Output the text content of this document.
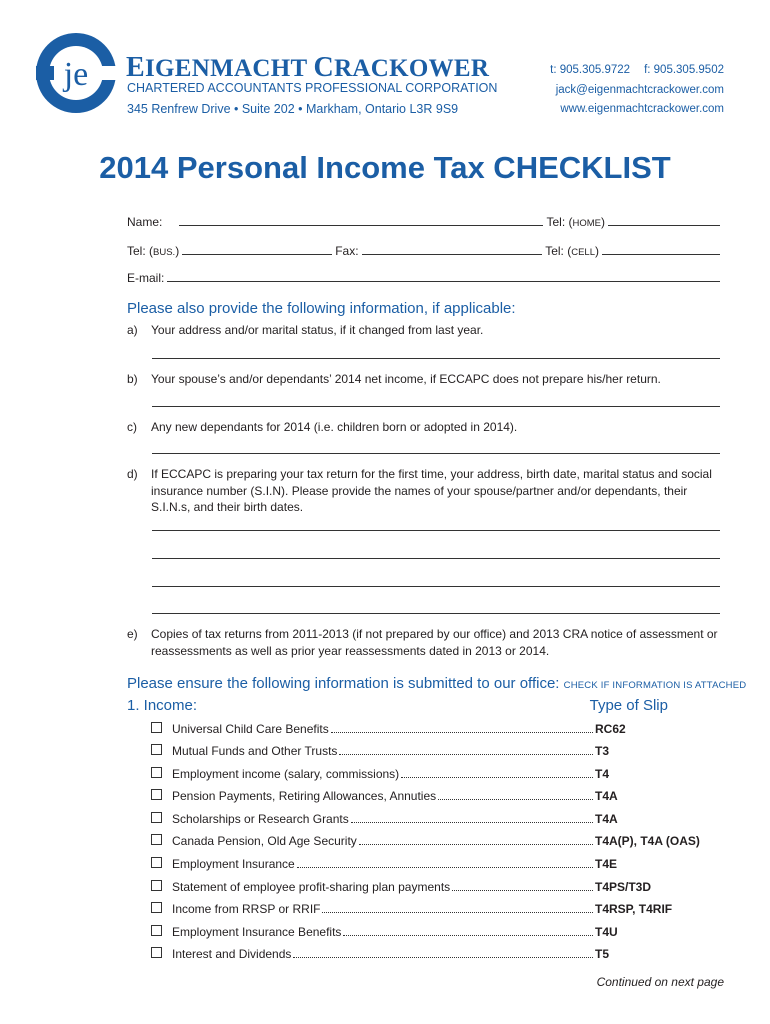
je EIGENMACHT CRACKOWER
CHARTERED ACCOUNTANTS PROFESSIONAL CORPORATION
345 Renfrew Drive • Suite 202 • Markham, Ontario L3R 9S9
t: 905.305.9722 f: 905.305.9502
jack@eigenmachtcrackower.com
www.eigenmachtcrackower.com
2014 Personal Income Tax CHECKLIST
Name:	Tel: (HOME)
Tel: (BUS.)	Fax:	Tel: (CELL)
E-mail:
Please also provide the following information, if applicable:
a) Your address and/or marital status, if it changed from last year.
b) Your spouse’s and/or dependants’ 2014 net income, if ECCAPC does not prepare his/her return.
c) Any new dependants for 2014 (i.e. children born or adopted in 2014).
d) If ECCAPC is preparing your tax return for the first time, your address, birth date, marital status and social insurance number (S.I.N). Please provide the names of your spouse/partner and/or dependants, their S.I.N.s, and their birth dates.
e) Copies of tax returns from 2011-2013 (if not prepared by our office) and 2013 CRA notice of assessment or reassessments as well as prior year reassessments dated in 2013 or 2014.
Please ensure the following information is submitted to our office: CHECK IF INFORMATION IS ATTACHED
1. Income:	Type of Slip
Universal Child Care Benefits	RC62
Mutual Funds and Other Trusts	T3
Employment income (salary, commissions)	T4
Pension Payments, Retiring Allowances, Annuties	T4A
Scholarships or Research Grants	T4A
Canada Pension, Old Age Security	T4A(P), T4A (OAS)
Employment Insurance	T4E
Statement of employee profit-sharing plan payments	T4PS/T3D
Income from RRSP or RRIF	T4RSP, T4RIF
Employment Insurance Benefits	T4U
Interest and Dividends	T5
Continued on next page
